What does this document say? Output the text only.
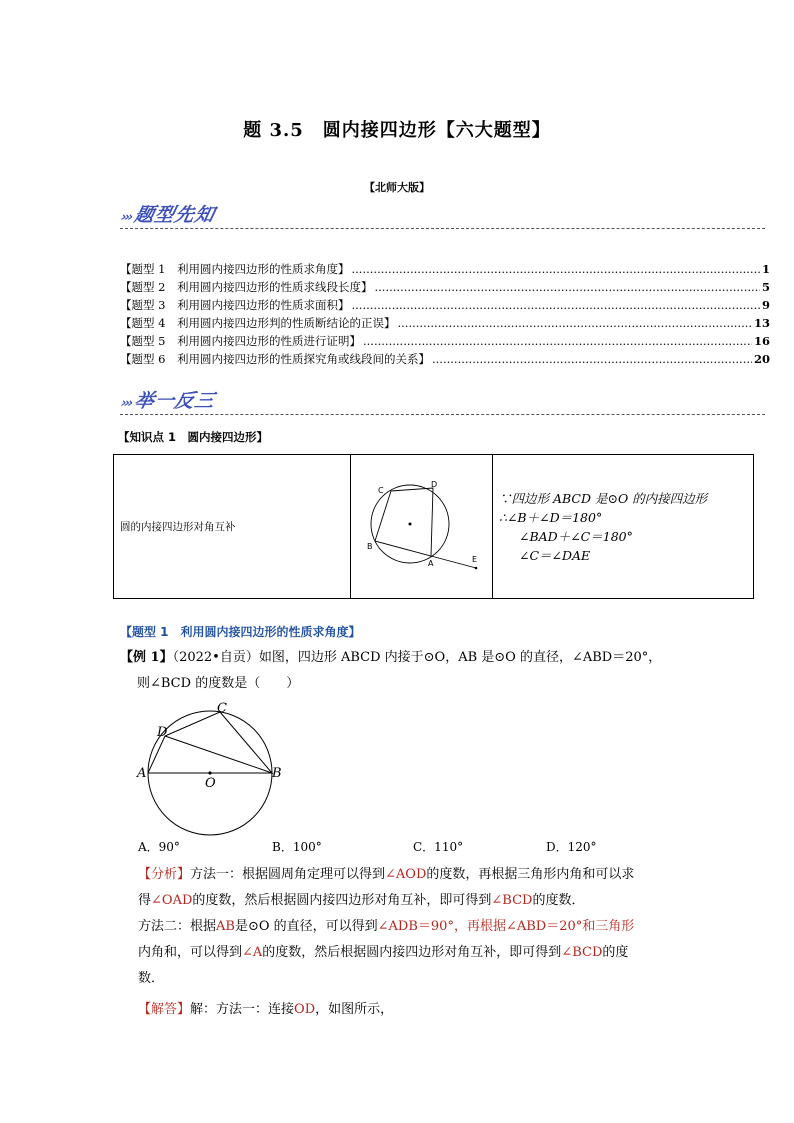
题 3.5　圆内接四边形【六大题型】
【北师大版】
›››题型先知
【题型 1　利用圆内接四边形的性质求角度】 .....	1
【题型 2　利用圆内接四边形的性质求线段长度】 .....	5
【题型 3　利用圆内接四边形的性质求面积】 .....	9
【题型 4　利用圆内接四边形判的性质断结论的正误】 .....	13
【题型 5　利用圆内接四边形的性质进行证明】 .....	16
【题型 6　利用圆内接四边形的性质探究角或线段间的关系】 .....	20
›››举一反三
【知识点 1　圆内接四边形】
圆的内接四边形对角互补

C
D
B
A	E

∵四边形 ABCD 是⊙O 的内接四边形
∴∠B＋∠D＝180°
∠BAD＋∠C＝180°
∠C＝∠DAE
【题型 1　利用圆内接四边形的性质求角度】
【例 1】（2022•自贡）如图，四边形 ABCD 内接于⊙O，AB 是⊙O 的直径，∠ABD＝20°，
则∠BCD 的度数是（　　）
C
D
A
O
B
A．90°	B．100°	C．110°	D．120°
【分析】方法一：根据圆周角定理可以得到∠AOD的度数，再根据三角形内角和可以求
得∠OAD的度数，然后根据圆内接四边形对角互补，即可得到∠BCD的度数．
方法二：根据AB是⊙O 的直径，可以得到∠ADB＝90°，再根据∠ABD＝20°和三角形
内角和，可以得到∠A的度数，然后根据圆内接四边形对角互补，即可得到∠BCD的度
数．
【解答】解：方法一：连接OD，如图所示，
